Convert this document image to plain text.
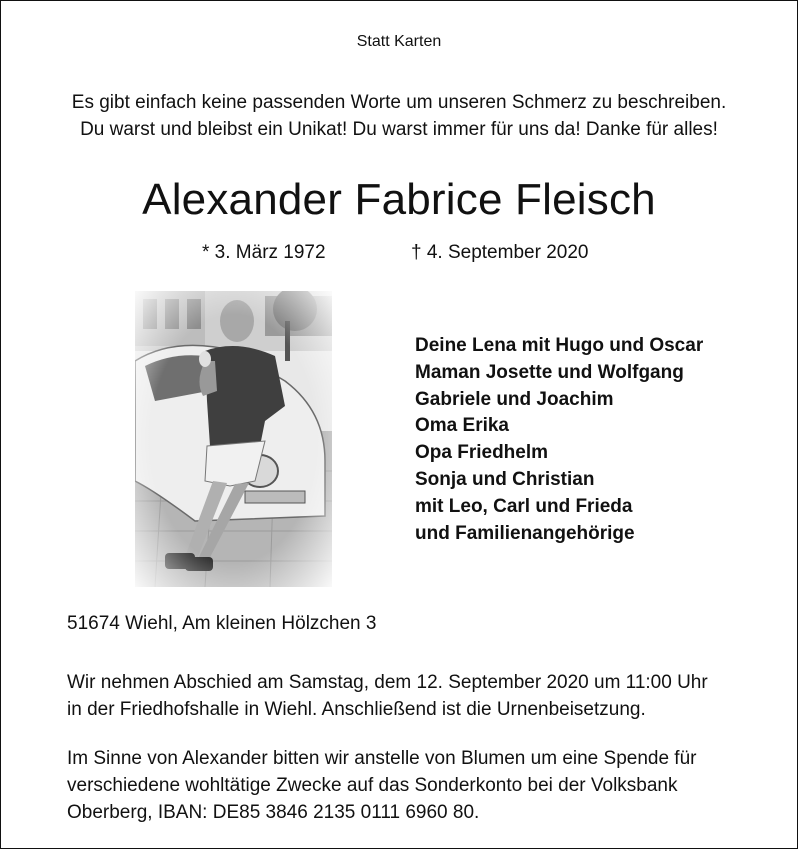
Statt Karten
Es gibt einfach keine passenden Worte um unseren Schmerz zu beschreiben.
Du warst und bleibst ein Unikat! Du warst immer für uns da! Danke für alles!
Alexander Fabrice Fleisch
* 3. März 1972	† 4. September 2020
Deine Lena mit Hugo und Oscar
Maman Josette und Wolfgang
Gabriele und Joachim
Oma Erika
Opa Friedhelm
Sonja und Christian
mit Leo, Carl und Frieda
und Familienangehörige
51674 Wiehl, Am kleinen Hölzchen 3
Wir nehmen Abschied am Samstag, dem 12. September 2020 um 11:00 Uhr
in der Friedhofshalle in Wiehl. Anschließend ist die Urnenbeisetzung.
Im Sinne von Alexander bitten wir anstelle von Blumen um eine Spende für
verschiedene wohltätige Zwecke auf das Sonderkonto bei der Volksbank
Oberberg, IBAN: DE85 3846 2135 0111 6960 80.
